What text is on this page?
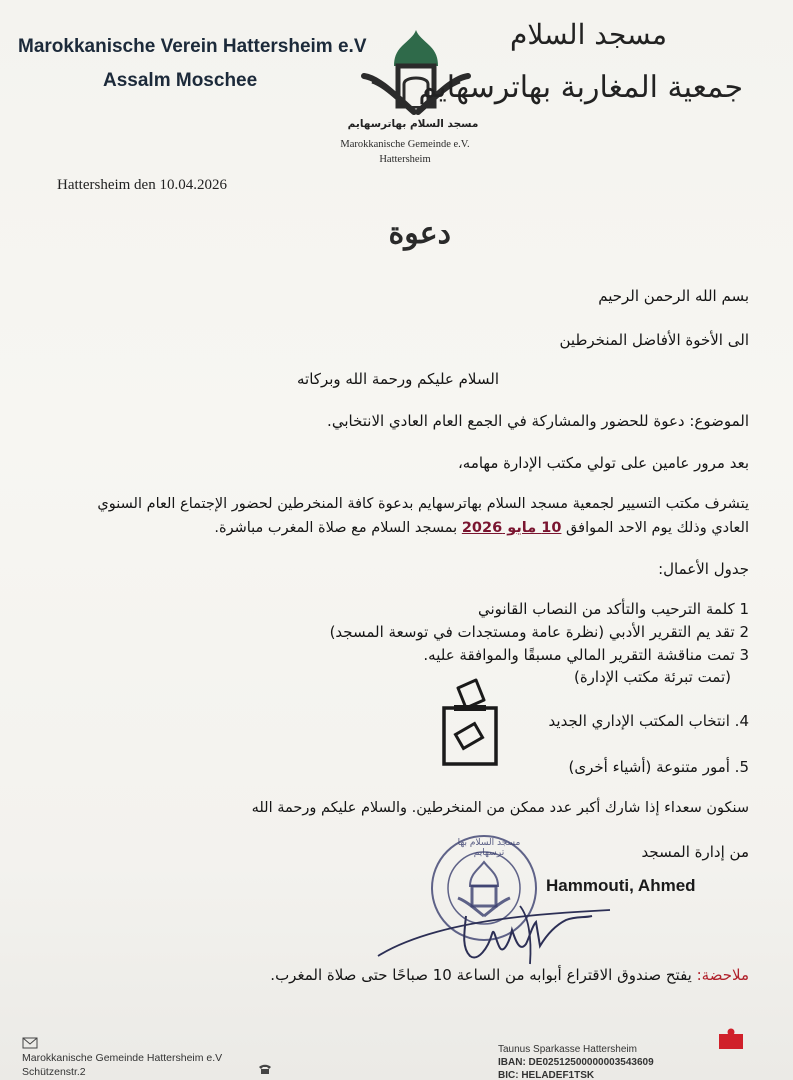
Marokkanische Verein Hattersheim e.V
Assalm Moschee
مسجد السلام بهاترسهايم
Marokkanische Gemeinde e.V.
Hattersheim
مسجد السلام
جمعية المغاربة بهاترسهايم
Hattersheim den 10.04.2026
دعوة
بسم الله الرحمن الرحيم
الى الأخوة الأفاضل المنخرطين
السلام عليكم ورحمة الله وبركاته
الموضوع: دعوة للحضور والمشاركة في الجمع العام العادي الانتخابي.
بعد مرور عامين على تولي مكتب الإدارة مهامه،
يتشرف مكتب التسيير لجمعية مسجد السلام بهاترسهايم بدعوة كافة المنخرطين لحضور الإجتماع العام السنوي
العادي وذلك يوم الاحد الموافق 10 مايو 2026 بمسجد السلام مع صلاة المغرب مباشرة.
جدول الأعمال:
1 كلمة الترحيب والتأكد من النصاب القانوني
2 تقد يم التقرير الأدبي (نظرة عامة ومستجدات في توسعة المسجد)
3 تمت مناقشة التقرير المالي مسبقًا والموافقة عليه.
(تمت تبرئة مكتب الإدارة)
4. انتخاب المكتب الإداري الجديد
5. أمور متنوعة (أشياء أخرى)
سنكون سعداء إذا شارك أكبر عدد ممكن من المنخرطين. والسلام عليكم ورحمة الله
من إدارة المسجد
مسجد السلام بها ترسهايم
Hammouti, Ahmed
ملاحضة: يفتح صندوق الاقتراع أبوابه من الساعة 10 صباحًا حتى صلاة المغرب.
Marokkanische Gemeinde Hattersheim e.V
Schützenstr.2
Taunus Sparkasse Hattersheim
IBAN: DE02512500000003543609
BIC: HELADEF1TSK
